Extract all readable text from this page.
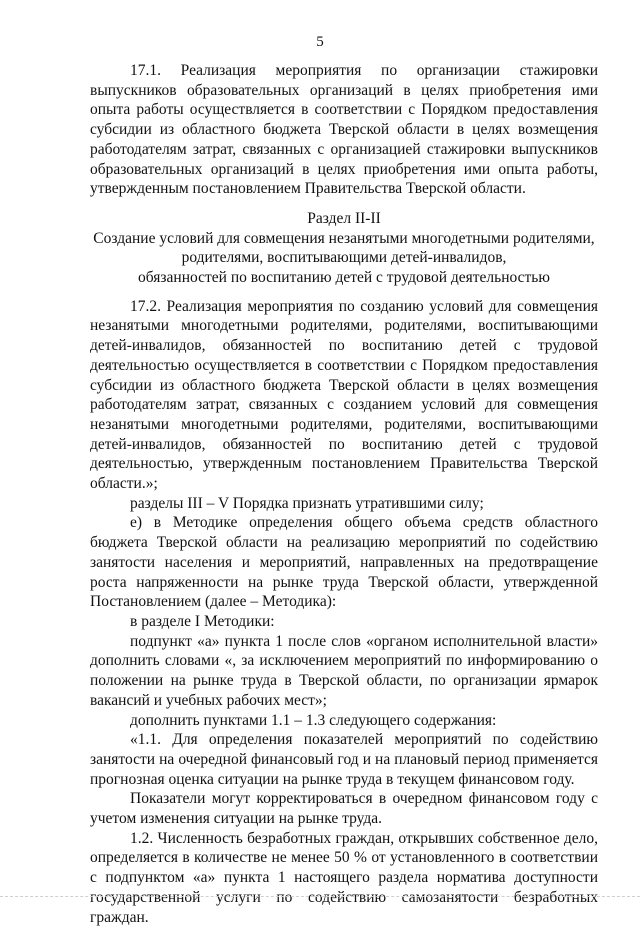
5

17.1. Реализация мероприятия по организации стажировки выпускников образовательных организаций в целях приобретения ими опыта работы осуществляется в соответствии с Порядком предоставления субсидии из областного бюджета Тверской области в целях возмещения работодателям затрат, связанных с организацией стажировки выпускников образовательных организаций в целях приобретения ими опыта работы, утвержденным постановлением Правительства Тверской области.

Раздел II-II

Создание условий для совмещения незанятыми многодетными родителями,

родителями, воспитывающими детей-инвалидов,

обязанностей по воспитанию детей с трудовой деятельностью

17.2. Реализация мероприятия по созданию условий для совмещения незанятыми многодетными родителями, родителями, воспитывающими детей-инвалидов, обязанностей по воспитанию детей с трудовой деятельностью осуществляется в соответствии с Порядком предоставления субсидии из областного бюджета Тверской области в целях возмещения работодателям затрат, связанных с созданием условий для совмещения незанятыми многодетными родителями, родителями, воспитывающими детей-инвалидов, обязанностей по воспитанию детей с трудовой деятельностью, утвержденным постановлением Правительства Тверской области.»;

разделы III – V Порядка признать утратившими силу;

е) в Методике определения общего объема средств областного бюджета Тверской области на реализацию мероприятий по содействию занятости населения и мероприятий, направленных на предотвращение роста напряженности на рынке труда Тверской области, утвержденной Постановлением (далее – Методика):

в разделе I Методики:

подпункт «а» пункта 1 после слов «органом исполнительной власти» дополнить словами «, за исключением мероприятий по информированию о положении на рынке труда в Тверской области, по организации ярмарок вакансий и учебных рабочих мест»;

дополнить пунктами 1.1 – 1.3 следующего содержания:

«1.1. Для определения показателей мероприятий по содействию занятости на очередной финансовый год и на плановый период применяется прогнозная оценка ситуации на рынке труда в текущем финансовом году.

Показатели могут корректироваться в очередном финансовом году с учетом изменения ситуации на рынке труда.

1.2. Численность безработных граждан, открывших собственное дело, определяется в количестве не менее 50 % от установленного в соответствии с подпунктом «а» пункта 1 настоящего раздела норматива доступности государственной услуги по содействию самозанятости безработных граждан.
